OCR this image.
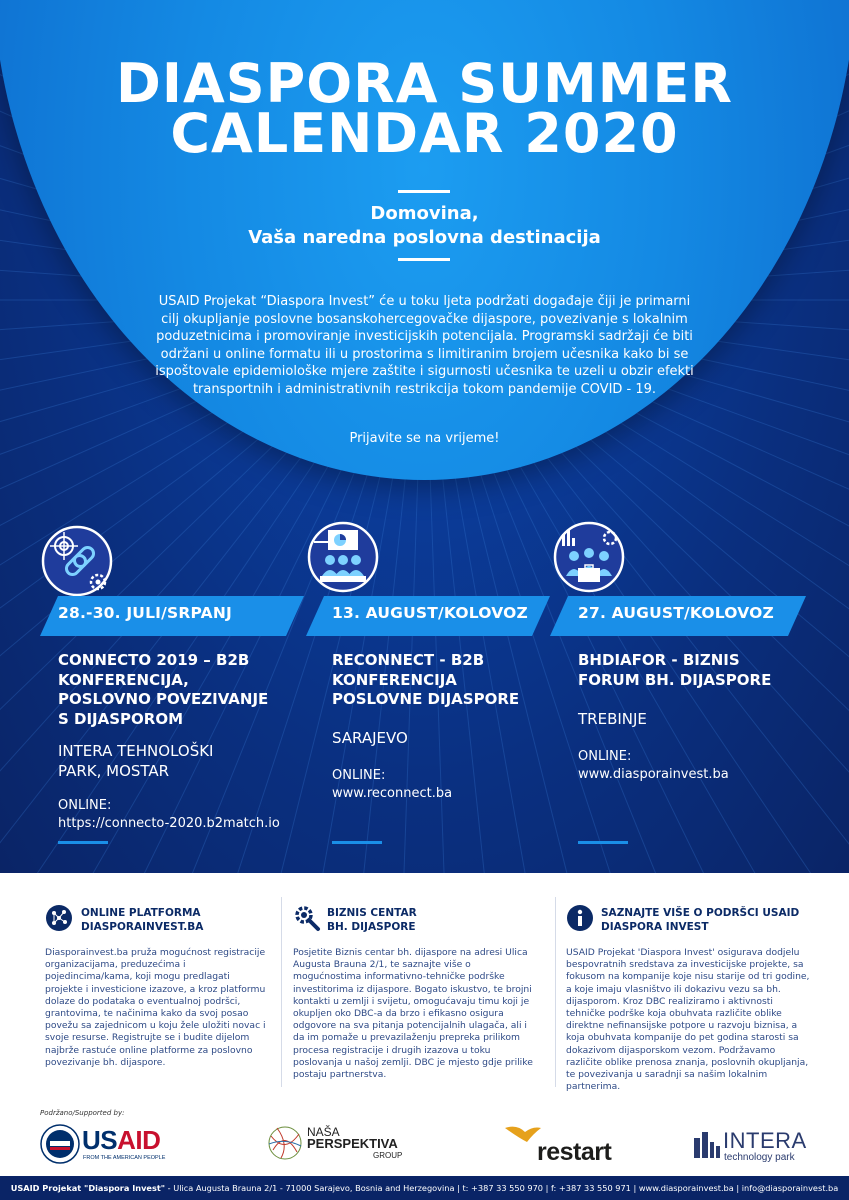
DIASPORA SUMMER
CALENDAR 2020
Domovina,
Vaša naredna poslovna destinacija
USAID Projekat “Diaspora Invest” će u toku ljeta podržati događaje čiji je primarni cilj okupljanje poslovne bosanskohercegovačke dijaspore, povezivanje s lokalnim poduzetnicima i promoviranje investicijskih potencijala. Programski sadržaji će biti održani u online formatu ili u prostorima s limitiranim brojem učesnika kako bi se ispoštovale epidemiološke mjere zaštite i sigurnosti učesnika te uzeli u obzir efekti transportnih i administrativnih restrikcija tokom pandemije COVID - 19.
Prijavite se na vrijeme!
28.-30. JULI/SRPANJ	13. AUGUST/KOLOVOZ	27. AUGUST/KOLOVOZ
CONNECTO 2019 – B2B
KONFERENCIJA,
POSLOVNO POVEZIVANJE
S DIJASPOROM
INTERA TEHNOLOŠKI
PARK, MOSTAR
ONLINE:
https://connecto-2020.b2match.io
RECONNECT - B2B
KONFERENCIJA
POSLOVNE DIJASPORE
SARAJEVO
ONLINE:
www.reconnect.ba
BHDIAFOR - BIZNIS
FORUM BH. DIJASPORE
TREBINJE
ONLINE:
www.diasporainvest.ba
ONLINE PLATFORMA
DIASPORAINVEST.BA
Diasporainvest.ba pruža mogućnost registracije organizacijama, preduzećima i pojedincima/kama, koji mogu predlagati projekte i investicione izazove, a kroz platformu dolaze do podataka o eventualnoj podršci, grantovima, te načinima kako da svoj posao povežu sa zajednicom u koju žele uložiti novac i svoje resurse. Registrujte se i budite dijelom najbrže rastuće online platforme za poslovno povezivanje bh. dijaspore.
BIZNIS CENTAR
BH. DIJASPORE
Posjetite Biznis centar bh. dijaspore na adresi Ulica Augusta Brauna 2/1, te saznajte više o mogućnostima informativno-tehničke podrške investitorima iz dijaspore. Bogato iskustvo, te brojni kontakti u zemlji i svijetu, omogućavaju timu koji je okupljen oko DBC-a da brzo i efikasno osigura odgovore na sva pitanja potencijalnih ulagača, ali i da im pomaže u prevazilaženju prepreka prilikom procesa registracije i drugih izazova u toku poslovanja u našoj zemlji. DBC je mjesto gdje prilike postaju partnerstva.
SAZNAJTE VIŠE O PODRŠCI USAID
DIASPORA INVEST
USAID Projekat 'Diaspora Invest' osigurava dodjelu bespovratnih sredstava za investicijske projekte, sa fokusom na kompanije koje nisu starije od tri godine, a koje imaju vlasništvo ili dokazivu vezu sa bh. dijasporom. Kroz DBC realiziramo i aktivnosti tehničke podrške koja obuhvata različite oblike direktne nefinansijske potpore u razvoju biznisa, a koja obuhvata kompanije do pet godina starosti sa dokazivom dijasporskom vezom. Podržavamo različite oblike prenosa znanja, poslovnih okupljanja, te povezivanja u saradnji sa našim lokalnim partnerima.
Podržano/Supported by:
USAID
FROM THE AMERICAN PEOPLE
NAŠA
PERSPEKTIVA
GROUP	restart	INTERA
technology park
USAID Projekat "Diaspora Invest" - Ulica Augusta Brauna 2/1 - 71000 Sarajevo, Bosnia and Herzegovina | t: +387 33 550 970 | f: +387 33 550 971 | www.diasporainvest.ba | info@diasporainvest.ba
